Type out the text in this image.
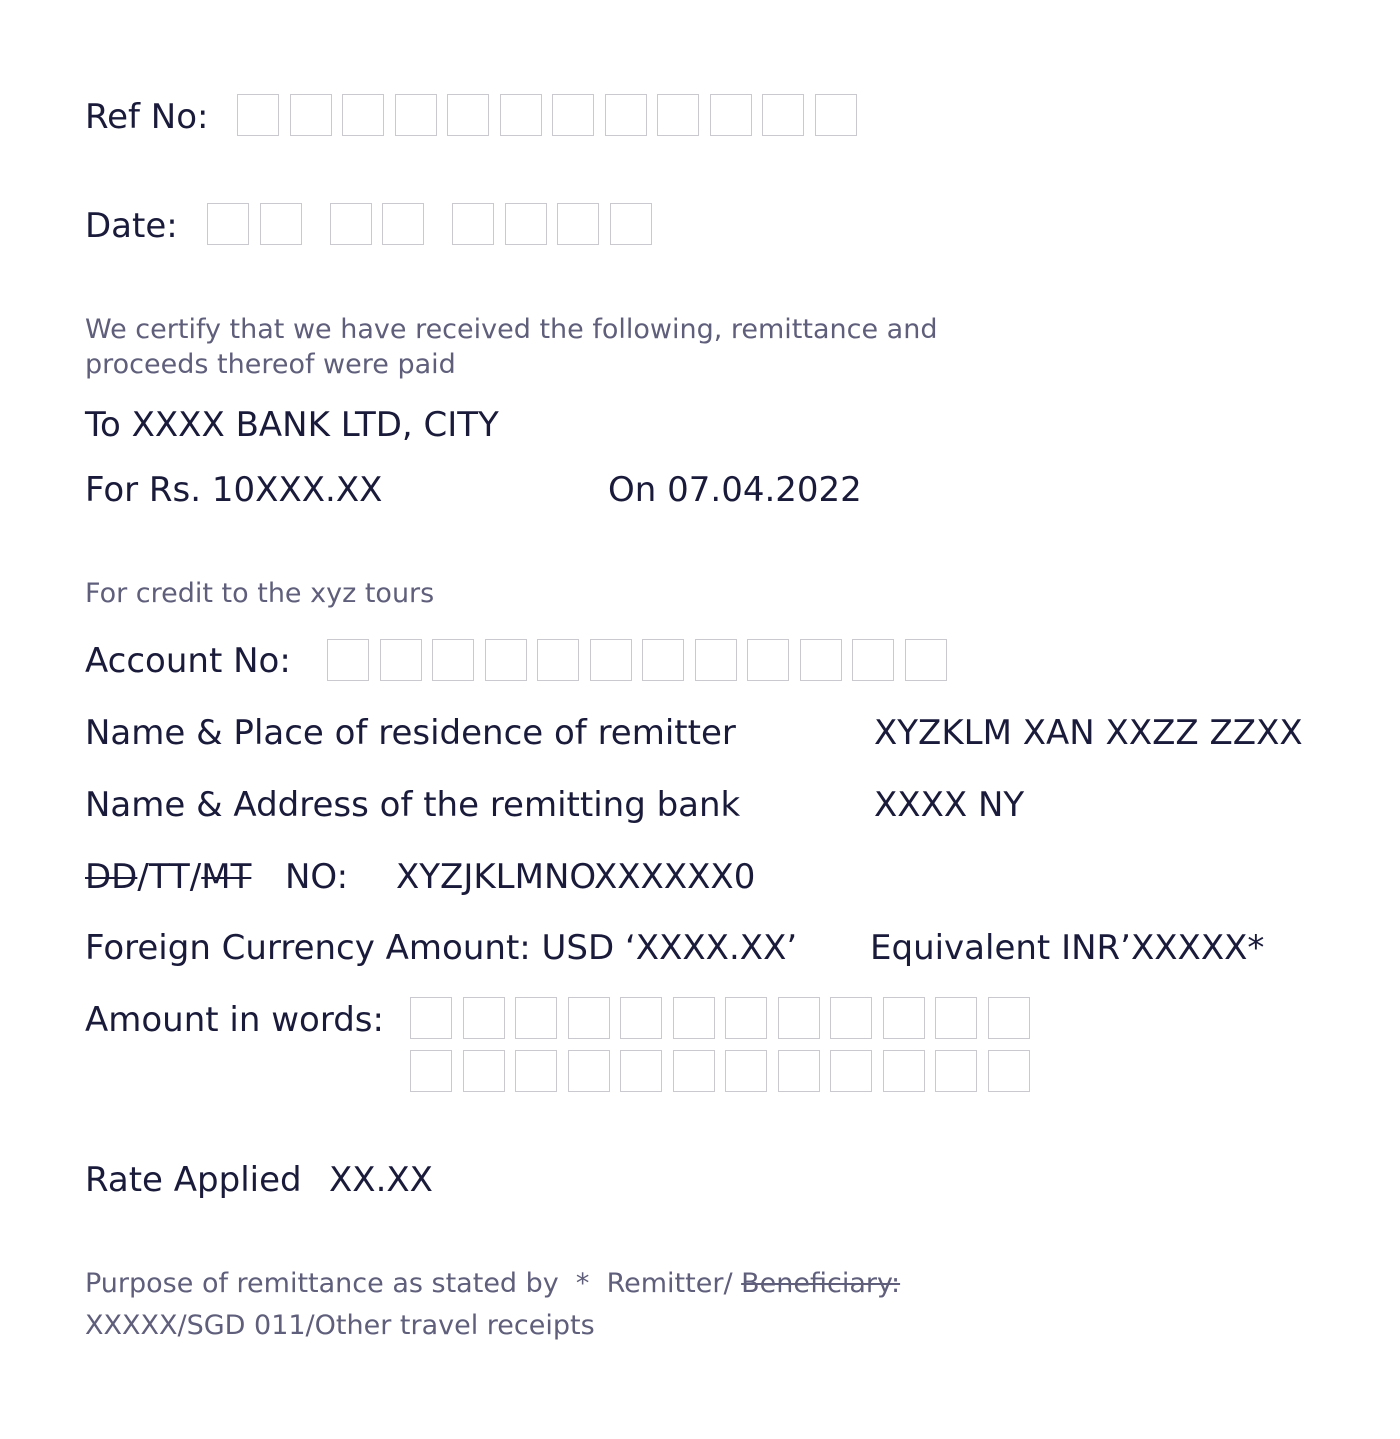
Ref No:
Date:
We certify that we have received the following, remittance and
proceeds thereof were paid
To XXXX BANK LTD, CITY
For Rs. 10XXX.XX	On 07.04.2022
For credit to the xyz tours
Account No:
Name & Place of residence of remitter	XYZKLM XAN XXZZ ZZXX
Name & Address of the remitting bank	XXXX NY
DD/TT/MT NO: XYZJKLMNOXXXXXX0
Foreign Currency Amount: USD ‘XXXX.XX’ Equivalent INR’XXXXX*
Amount in words:
Rate Applied XX.XX
Purpose of remittance as stated by  *  Remitter/ Beneficiary:
XXXXX/SGD 011/Other travel receipts
